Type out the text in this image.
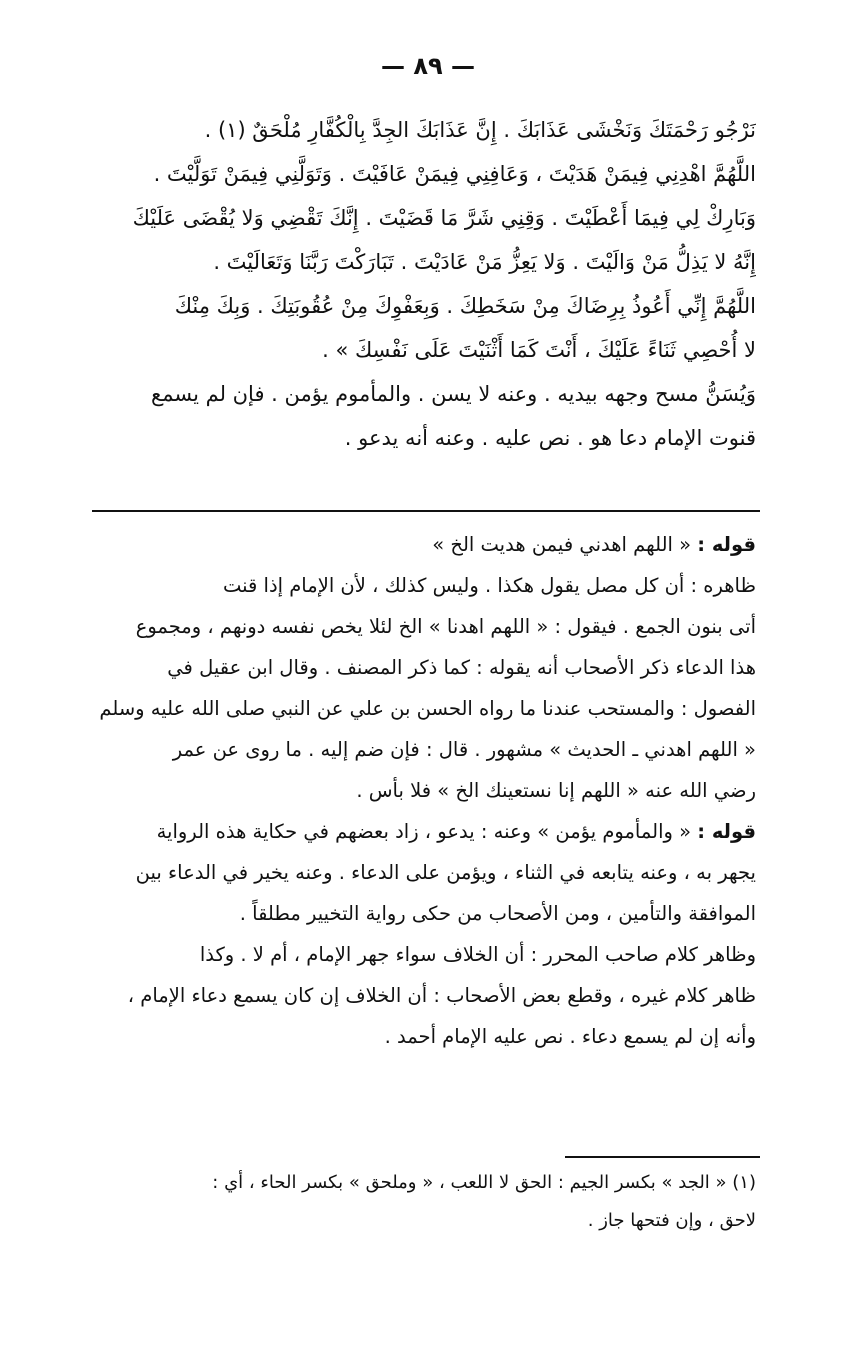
— ٨٩ —
نَرْجُو رَحْمَتَكَ وَنَخْشَى عَذَابَكَ . إِنَّ عَذَابَكَ الجِدَّ بِالْكُفَّارِ مُلْحَقٌ (١) .
اللَّهُمَّ اهْدِنِي فِيمَنْ هَدَيْتَ ، وَعَافِنِي فِيمَنْ عَافَيْتَ . وَتَوَلَّنِي فِيمَنْ تَوَلَّيْتَ .
وَبَارِكْ لِي فِيمَا أَعْطَيْتَ . وَقِنِي شَرَّ مَا قَضَيْتَ . إِنَّكَ تَقْضِي وَلا يُقْضَى عَلَيْكَ
إِنَّهُ لا يَذِلُّ مَنْ وَالَيْتَ . وَلا يَعِزُّ مَنْ عَادَيْتَ . تَبَارَكْتَ رَبَّنَا وَتَعَالَيْتَ .
اللَّهُمَّ إِنِّي أَعُوذُ بِرِضَاكَ مِنْ سَخَطِكَ . وَبِعَفْوِكَ مِنْ عُقُوبَتِكَ . وَبِكَ مِنْكَ
لا أُحْصِي ثَنَاءً عَلَيْكَ ، أَنْتَ كَمَا أَثْنَيْتَ عَلَى نَفْسِكَ » .
وَيُسَنُّ مسح وجهه بيديه . وعنه لا يسن . والمأموم يؤمن . فإن لم يسمع
قنوت الإمام دعا هو . نص عليه . وعنه أنه يدعو .
قوله : « اللهم اهدني فيمن هديت الخ »
ظاهره : أن كل مصل يقول هكذا . وليس كذلك ، لأن الإمام إذا قنت
أتى بنون الجمع . فيقول : « اللهم اهدنا » الخ لئلا يخص نفسه دونهم ، ومجموع
هذا الدعاء ذكر الأصحاب أنه يقوله : كما ذكر المصنف . وقال ابن عقيل في
الفصول : والمستحب عندنا ما رواه الحسن بن علي عن النبي صلى الله عليه وسلم
« اللهم اهدني ـ الحديث » مشهور . قال : فإن ضم إليه . ما روى عن عمر
رضي الله عنه « اللهم إنا نستعينك الخ » فلا بأس .
قوله : « والمأموم يؤمن » وعنه : يدعو ، زاد بعضهم في حكاية هذه الرواية
يجهر به ، وعنه يتابعه في الثناء ، ويؤمن على الدعاء . وعنه يخير في الدعاء بين
الموافقة والتأمين ، ومن الأصحاب من حكى رواية التخيير مطلقاً .
وظاهر كلام صاحب المحرر : أن الخلاف سواء جهر الإمام ، أم لا . وكذا
ظاهر كلام غيره ، وقطع بعض الأصحاب : أن الخلاف إن كان يسمع دعاء الإمام ،
وأنه إن لم يسمع دعاء . نص عليه الإمام أحمد .
(١) « الجد » بكسر الجيم : الحق لا اللعب ، « وملحق » بكسر الحاء ، أي :
لاحق ، وإن فتحها جاز .
